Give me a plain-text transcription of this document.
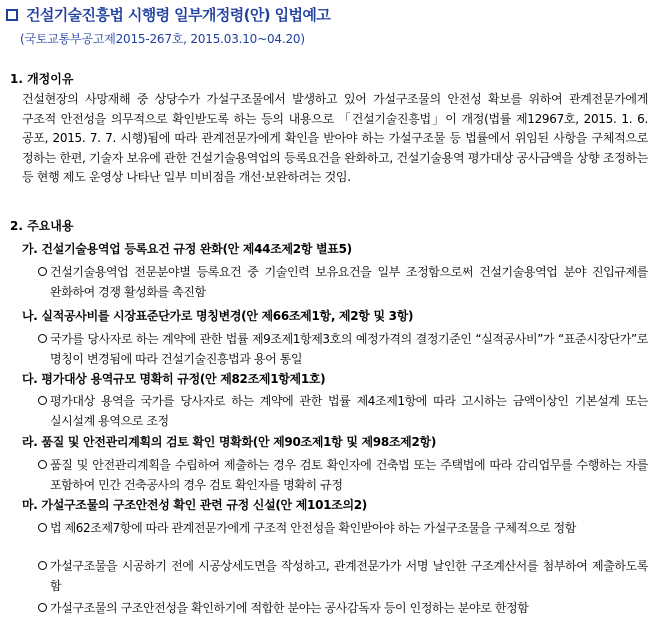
건설기술진흥법 시행령 일부개정령(안) 입법예고
(국토교통부공고제2015-267호, 2015.03.10~04.20)
1. 개정이유
건설현장의 사망재해 중 상당수가 가설구조물에서 발생하고 있어 가설구조물의 안전성 확보를 위하여 관계전문가에게 구조적 안전성을 의무적으로 확인받도록 하는 등의 내용으로 「건설기술진흥법」이 개정(법률 제12967호, 2015. 1. 6. 공포, 2015. 7. 7. 시행)됨에 따라 관계전문가에게 확인을 받아야 하는 가설구조물 등 법률에서 위임된 사항을 구체적으로 정하는 한편, 기술자 보유에 관한 건설기술용역업의 등록요건을 완화하고, 건설기술용역 평가대상 공사금액을 상향 조정하는 등 현행 제도 운영상 나타난 일부 미비점을 개선·보완하려는 것임.
2. 주요내용
가. 건설기술용역업 등록요건 규정 완화(안 제44조제2항 별표5)
건설기술용역업 전문분야별 등록요건 중 기술인력 보유요건을 일부 조정함으로써 건설기술용역업 분야 진입규제를 완화하여 경쟁 활성화를 촉진함
나. 실적공사비를 시장표준단가로 명칭변경(안 제66조제1항, 제2항 및 3항)
국가를 당사자로 하는 계약에 관한 법률 제9조제1항제3호의 예정가격의 결정기준인 “실적공사비”가 “표준시장단가”로 명칭이 변경됨에 따라 건설기술진흥법과 용어 통일
다. 평가대상 용역규모 명확히 규정(안 제82조제1항제1호)
평가대상 용역을 국가를 당사자로 하는 계약에 관한 법률 제4조제1항에 따라 고시하는 금액이상인 기본설계 또는 실시설계 용역으로 조정
라. 품질 및 안전관리계획의 검토 확인 명확화(안 제90조제1항 및 제98조제2항)
품질 및 안전관리계획을 수립하여 제출하는 경우 검토 확인자에 건축법 또는 주택법에 따라 감리업무를 수행하는 자를 포함하여 민간 건축공사의 경우 검토 확인자를 명확히 규정
마. 가설구조물의 구조안전성 확인 관련 규정 신설(안 제101조의2)
법 제62조제7항에 따라 관계전문가에게 구조적 안전성을 확인받아야 하는 가설구조물을 구체적으로 정함
가설구조물을 시공하기 전에 시공상세도면을 작성하고, 관계전문가가 서명 날인한 구조계산서를 첨부하여 제출하도록 함
가설구조물의 구조안전성을 확인하기에 적합한 분야는 공사감독자 등이 인정하는 분야로 한정함
